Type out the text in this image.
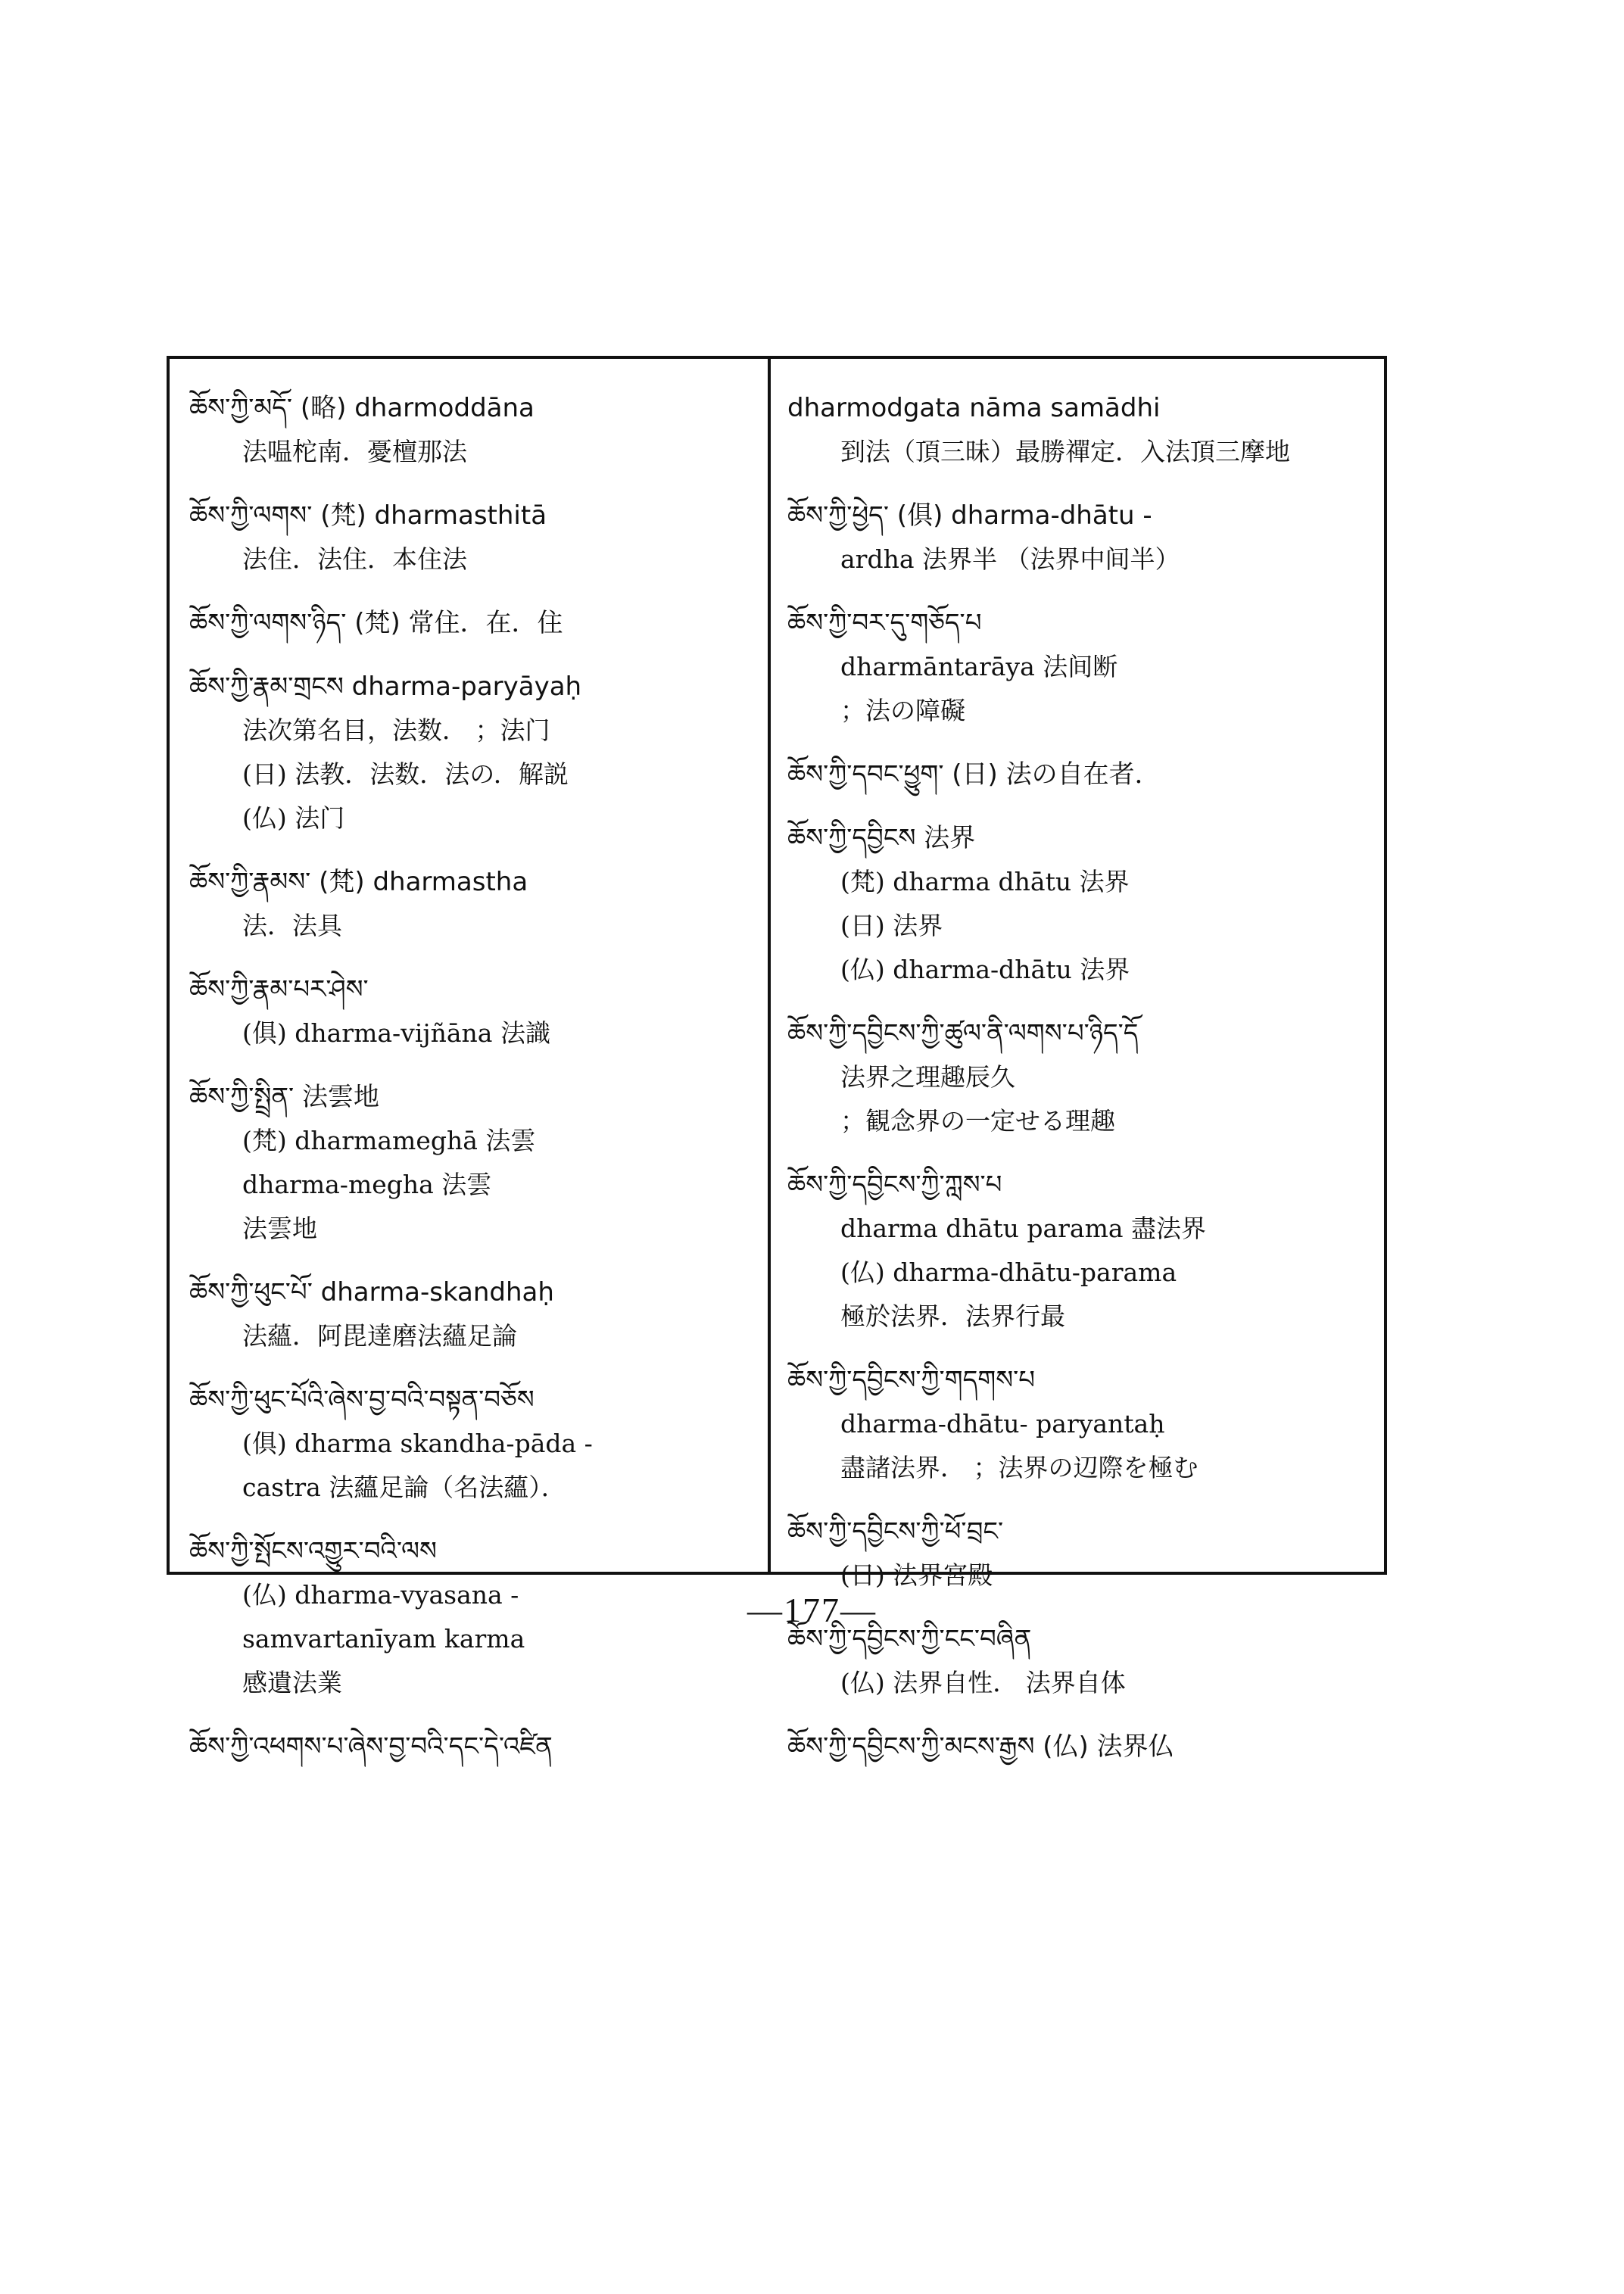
ཆོས་ཀྱི་མདོ་ (略) dharmoddāna
法嗢柁南．憂檀那法
ཆོས་ཀྱི་ལགས་ (梵) dharmasthitā
法住．法住．本住法
ཆོས་ཀྱི་ལགས་ཉིད་ (梵) 常住．在．住
ཆོས་ཀྱི་རྣམ་གྲངས dharma-paryāyaḥ
法次第名目，法数． ；法门
(日) 法教．法数．法の．解説
(仏) 法门
ཆོས་ཀྱི་རྣམས་ (梵) dharmastha
法．法具
ཆོས་ཀྱི་རྣམ་པར་ཤེས་
(俱) dharma-vijñāna 法識
ཆོས་ཀྱི་སྤྲིན་ 法雲地
(梵) dharmameghā 法雲
dharma-megha 法雲
法雲地
ཆོས་ཀྱི་ཕུང་པོ་ dharma-skandhaḥ
法蘊．阿毘達磨法蘊足論
ཆོས་ཀྱི་ཕུང་པོའི་ཞེས་བྱ་བའི་བསྟན་བཅོས
(俱) dharma skandha-pāda -
castra 法蘊足論（名法蘊）．
ཆོས་ཀྱི་སྤོངས་འགྱུར་བའི་ལས
(仏) dharma-vyasana -
samvartanīyam karma
感遺法業
ཆོས་ཀྱི་འཕགས་པ་ཞེས་བྱ་བའི་དང་དེ་འཛིན
dharmodgata nāma samādhi
到法（頂三昧）最勝禪定．入法頂三摩地
ཆོས་ཀྱི་ཕྱེད་ (俱) dharma-dhātu -
ardha 法界半 （法界中间半）
ཆོས་ཀྱི་བར་དུ་གཅོད་པ
dharmāntarāya 法间断
；法の障礙
ཆོས་ཀྱི་དབང་ཕྱུག་ (日) 法の自在者．
ཆོས་ཀྱི་དབྱིངས 法界
(梵) dharma dhātu 法界
(日) 法界
(仏) dharma-dhātu 法界
ཆོས་ཀྱི་དབྱིངས་ཀྱི་ཚུལ་ནི་ལགས་པ་ཉིད་དོ
法界之理趣辰久
；観念界の一定せる理趣
ཆོས་ཀྱི་དབྱིངས་ཀྱི་ཀླས་པ
dharma dhātu parama 盡法界
(仏) dharma-dhātu-parama
極於法界．法界行最
ཆོས་ཀྱི་དབྱིངས་ཀྱི་གདགས་པ
dharma-dhātu- paryantaḥ
盡諸法界． ；法界の辺際を極む
ཆོས་ཀྱི་དབྱིངས་ཀྱི་ཕོ་བྲང་
(日) 法界宮殿
ཆོས་ཀྱི་དབྱིངས་ཀྱི་ངང་བཞིན
(仏) 法界自性． 法界自体
ཆོས་ཀྱི་དབྱིངས་ཀྱི་མངས་རྒྱས (仏) 法界仏
—177—
